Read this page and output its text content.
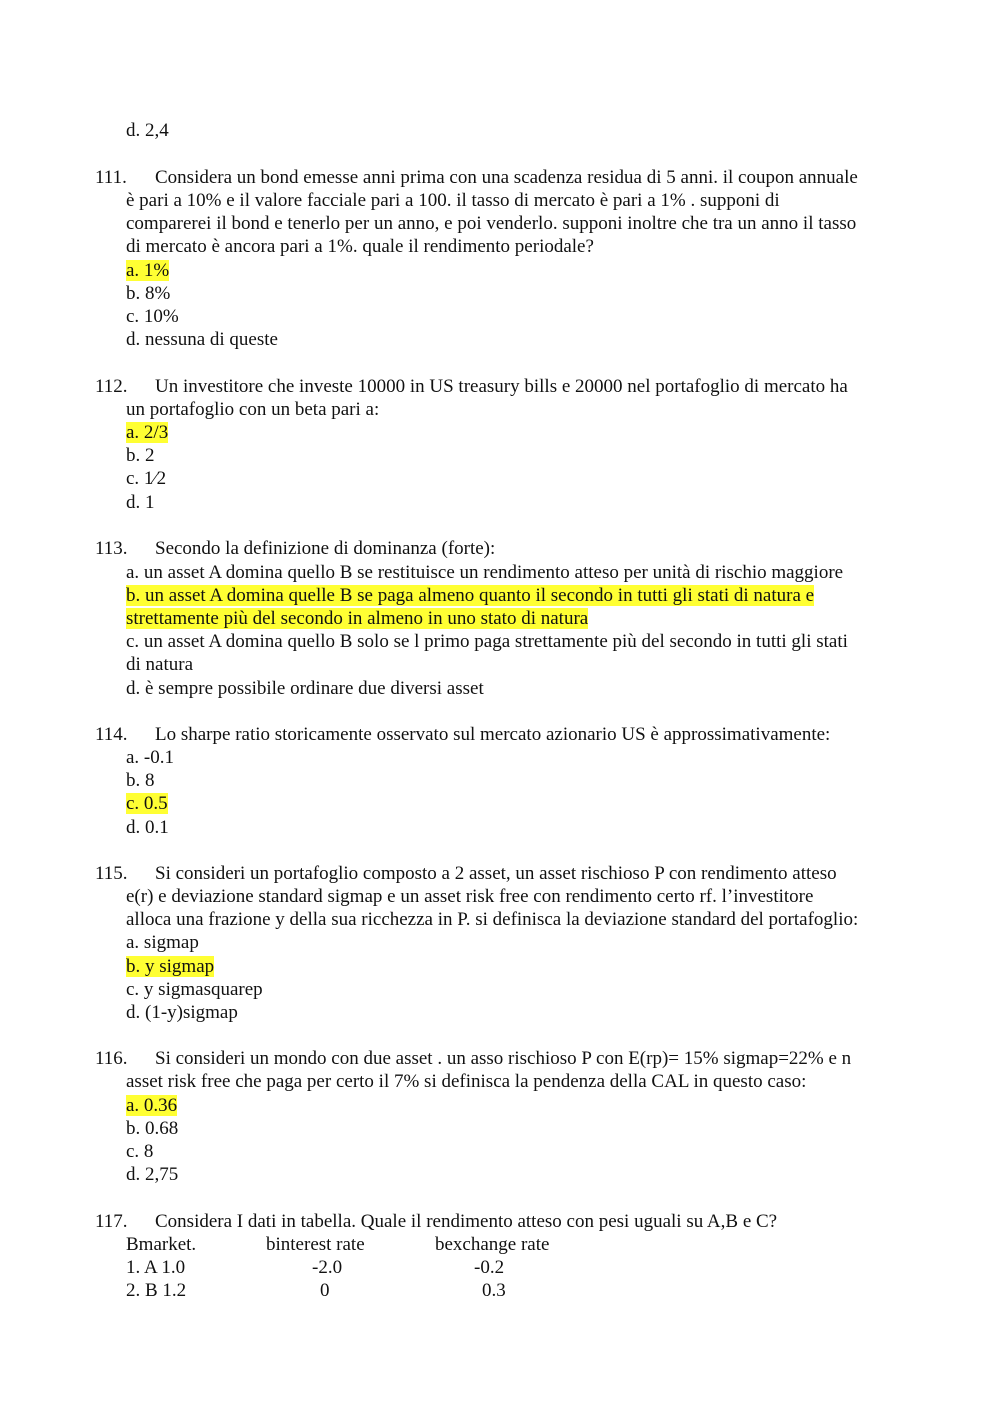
d. 2,4
111. Considera un bond emesse anni prima con una scadenza residua di 5 anni. il coupon annuale
è pari a 10% e il valore facciale pari a 100. il tasso di mercato è pari a 1% . supponi di
comparerei il bond e tenerlo per un anno, e poi venderlo. supponi inoltre che tra un anno il tasso
di mercato è ancora pari a 1%. quale il rendimento periodale?
a. 1%
b. 8%
c. 10%
d. nessuna di queste
112. Un investitore che investe 10000 in US treasury bills e 20000 nel portafoglio di mercato ha
un portafoglio con un beta pari a:
a. 2/3
b. 2
c. 1⁄2
d. 1
113. Secondo la definizione di dominanza (forte):
a. un asset A domina quello B se restituisce un rendimento atteso per unità di rischio maggiore
b. un asset A domina quelle B se paga almeno quanto il secondo in tutti gli stati di natura e
strettamente più del secondo in almeno in uno stato di natura
c. un asset A domina quello B solo se l primo paga strettamente più del secondo in tutti gli stati
di natura
d. è sempre possibile ordinare due diversi asset
114. Lo sharpe ratio storicamente osservato sul mercato azionario US è approssimativamente:
a. -0.1
b. 8
c. 0.5
d. 0.1
115. Si consideri un portafoglio composto a 2 asset, un asset rischioso P con rendimento atteso
e(r) e deviazione standard sigmap e un asset risk free con rendimento certo rf. l’investitore
alloca una frazione y della sua ricchezza in P. si definisca la deviazione standard del portafoglio:
a. sigmap
b. y sigmap
c. y sigmasquarep
d. (1-y)sigmap
116. Si consideri un mondo con due asset . un asso rischioso P con E(rp)= 15% sigmap=22% e n
asset risk free che paga per certo il 7% si definisca la pendenza della CAL in questo caso:
a. 0.36
b. 0.68
c. 8
d. 2,75
117. Considera I dati in tabella. Quale il rendimento atteso con pesi uguali su A,B e C?
Bmarket.	binterest rate	bexchange rate
1. A 1.0	-2.0	-0.2
2. B 1.2	0	0.3
